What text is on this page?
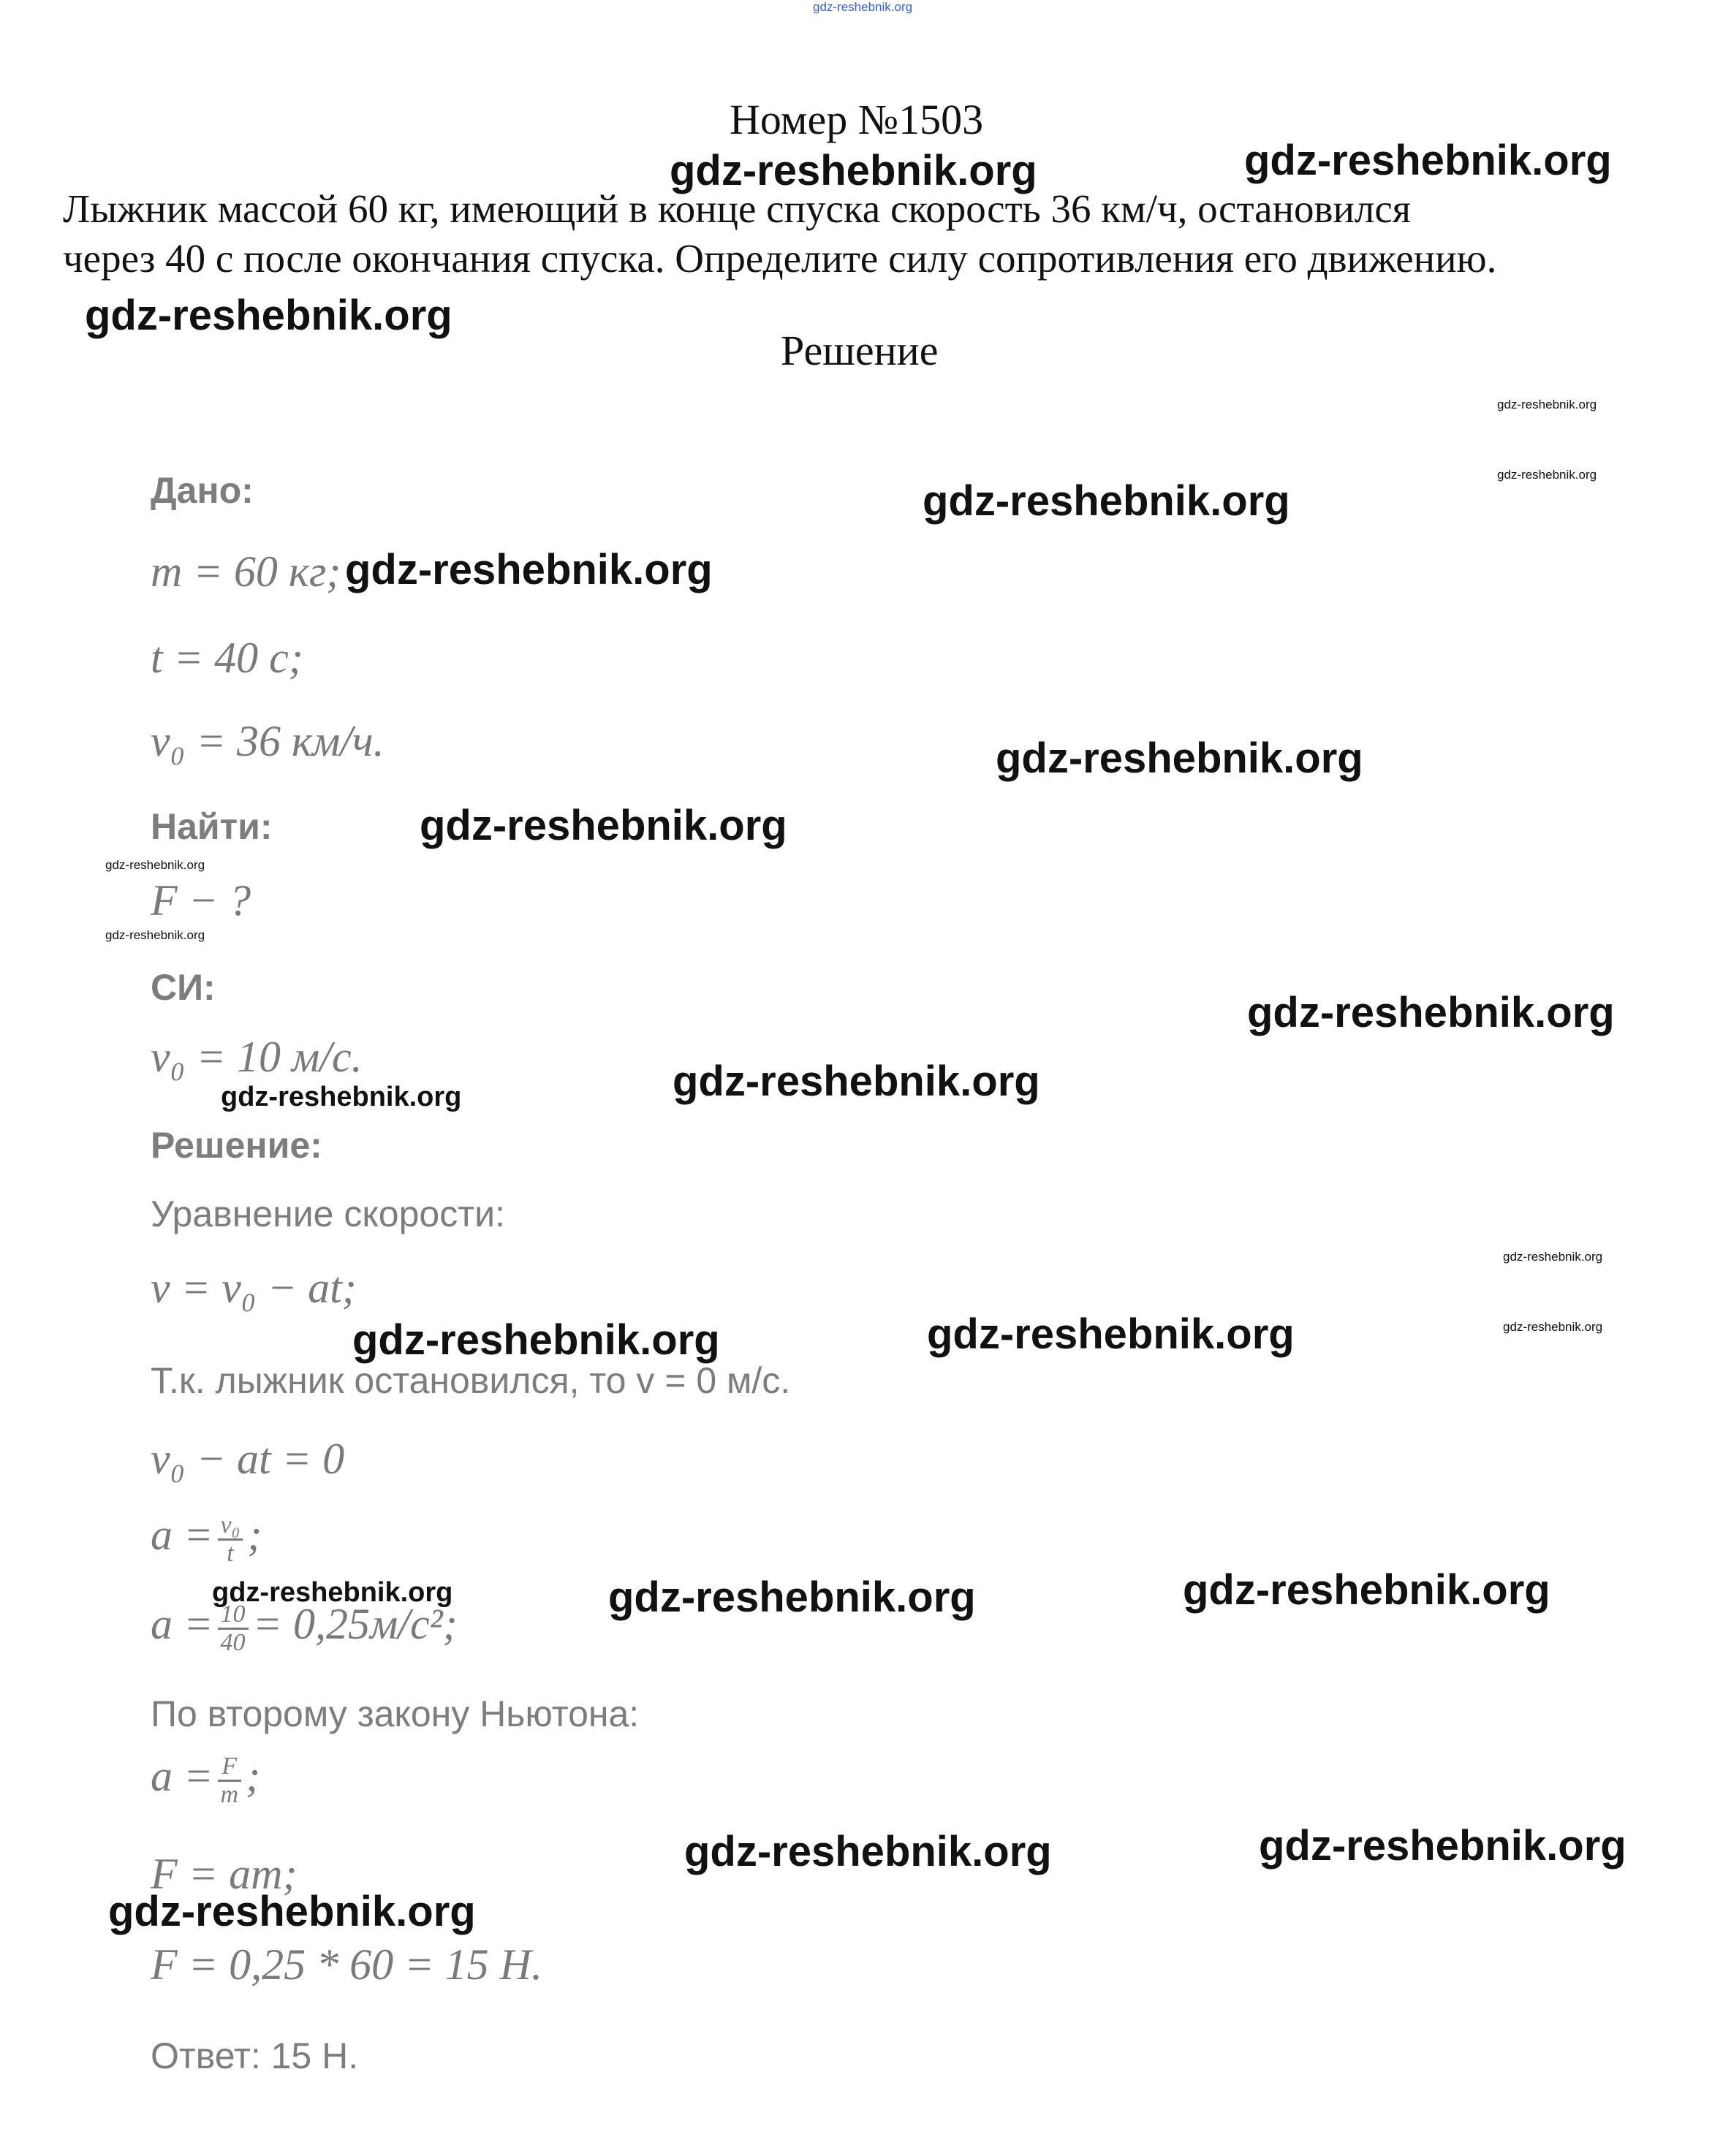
gdz-reshebnik.org
Номер №1503
Лыжник массой 60 кг, имеющий в конце спуска скорость 36 км/ч, остановился
через 40 с после окончания спуска. Определите силу сопротивления его движению.
Решение
Дано:
m = 60 кг;
t = 40 с;
v₀ = 36 км/ч.
Найти:
F − ?
СИ:
v₀ = 10 м/с.
Решение:
Уравнение скорости:
v = v₀ − at;
Т.к. лыжник остановился, то v = 0 м/с.
v₀ − at = 0
$a = \frac{\text{v₀}}{t}$ ;
$a = \frac{10}{40} = 0,25м/с^2$;
По второму закону Ньютона:
$a = \frac{F}{m}$ ;
F = am;
F = 0,25 * 60 = 15 Н.
Ответ: 15 Н.
gdz-reshebnik.org	gdz-reshebnik.org
gdz-reshebnik.org
gdz-reshebnik.org
gdz-reshebnik.org
gdz-reshebnik.org
gdz-reshebnik.org
gdz-reshebnik.org
gdz-reshebnik.org
gdz-reshebnik.org
gdz-reshebnik.org
gdz-reshebnik.org
gdz-reshebnik.org
gdz-reshebnik.org
gdz-reshebnik.org
gdz-reshebnik.org
gdz-reshebnik.org	gdz-reshebnik.org
gdz-reshebnik.org	gdz-reshebnik.org	gdz-reshebnik.org
gdz-reshebnik.org	gdz-reshebnik.org
gdz-reshebnik.org
